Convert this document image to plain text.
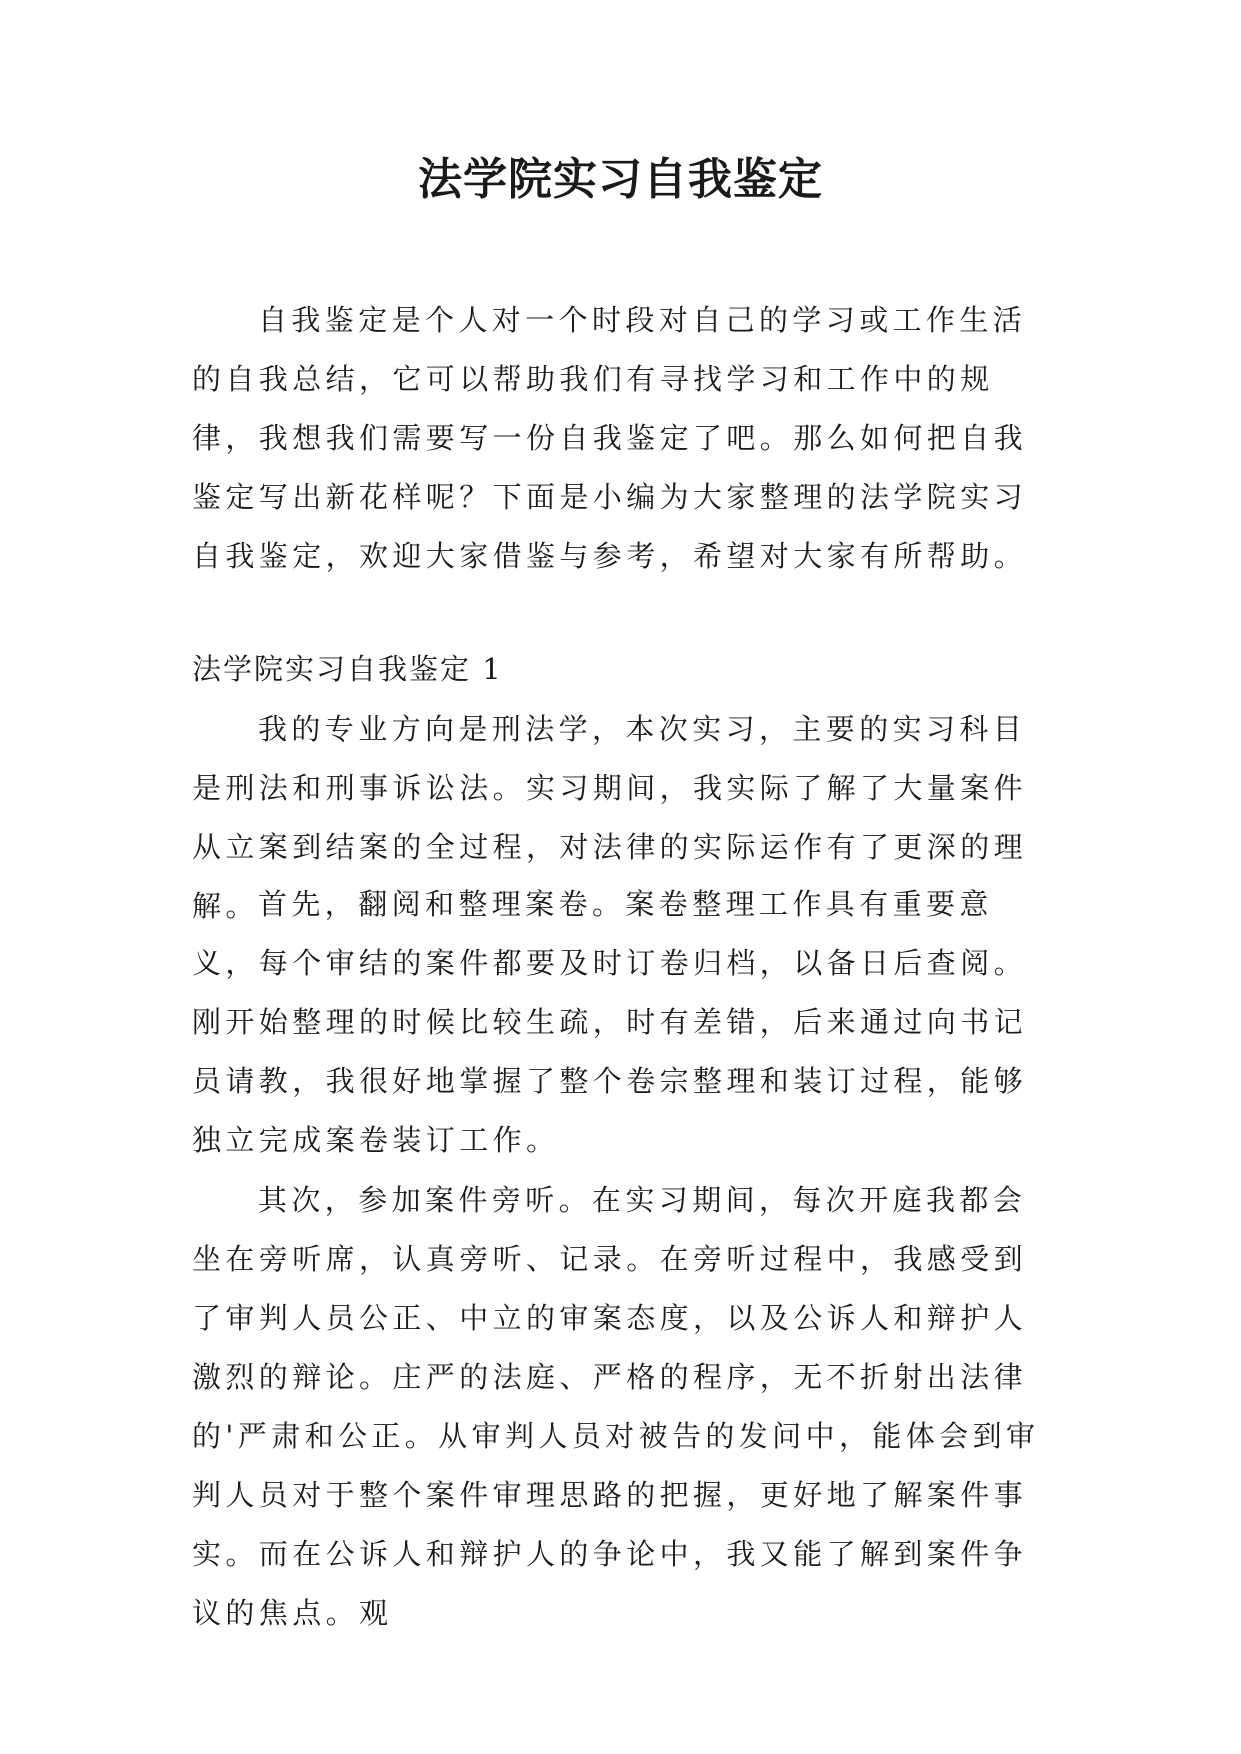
法学院实习自我鉴定

自我鉴定是个人对一个时段对自己的学习或工作生活的自我总结，它可以帮助我们有寻找学习和工作中的规律，我想我们需要写一份自我鉴定了吧。那么如何把自我鉴定写出新花样呢？下面是小编为大家整理的法学院实习自我鉴定，欢迎大家借鉴与参考，希望对大家有所帮助。

法学院实习自我鉴定 1

我的专业方向是刑法学，本次实习，主要的实习科目是刑法和刑事诉讼法。实习期间，我实际了解了大量案件从立案到结案的全过程，对法律的实际运作有了更深的理解。 首先，翻阅和整理案卷。案卷整理工作具有重要意义，每个审结的案件都要及时订卷归档，以备日后查阅。刚开始整理的时候比较生疏，时有差错，后来通过向书记员请教，我很好地掌握了整个卷宗整理和装订过程，能够独立完成案卷装订工作。

其次，参加案件旁听。在实习期间，每次开庭我都会坐在旁听席，认真旁听、记录。在旁听过程中，我感受到了审判人员公正、中立的审案态度，以及公诉人和辩护人激烈的辩论。庄严的法庭、严格的程序，无不折射出法律的'严肃和公正。从审判人员对被告的发问中，能体会到审判人员对于整个案件审理思路的把握，更好地了解案件事实。而在公诉人和辩护人的争论中，我又能了解到案件争议的焦点。观
